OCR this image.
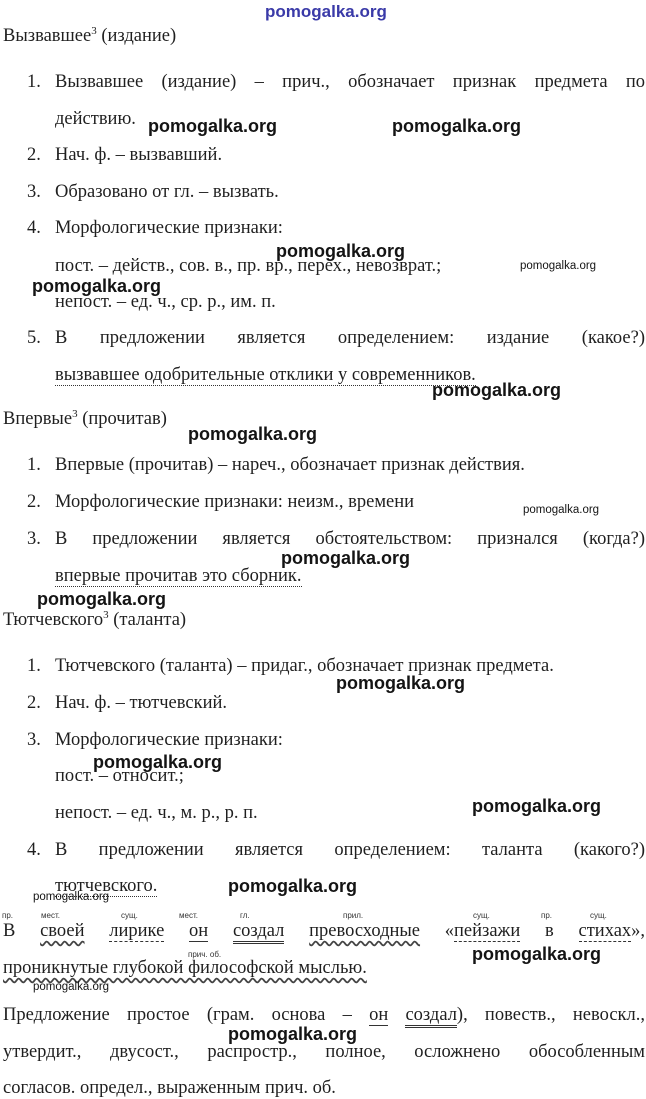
pomogalka.org
Вызвавшее$^3$ (издание)
1. Вызвавшее (издание) – прич., обозначает признак предмета по
действию.
2. Нач. ф. – вызвавший.
3. Образовано от гл. – вызвать.
4. Морфологические признаки:
пост. – действ., сов. в., пр. вр., перех., невозврат.;
непост. – ед. ч., ср. р., им. п.
5. В предложении является определением: издание (какое?)
вызвавшее одобрительные отклики у современников.
Впервые$^3$ (прочитав)
1. Впервые (прочитав) – нареч., обозначает признак действия.
2. Морфологические признаки: неизм., времени
3. В предложении является обстоятельством: признался (когда?)
впервые прочитав это сборник.
Тютчевского$^3$ (таланта)
1. Тютчевского (таланта) – придаг., обозначает признак предмета.
2. Нач. ф. – тютчевский.
3. Морфологические признаки:
пост. – относит.;
непост. – ед. ч., м. р., р. п.
4. В предложении является определением: таланта (какого?)
тютчевского.
пр.	мест.	сущ.	мест.	гл.	прил.	сущ.	пр.	сущ.
В своей лирике он создал превосходные «пейзажи в стихах»,
прич. об.
проникнутые глубокой философской мыслью.
Предложение простое (грам. основа – он создал), повеств., невоскл.,
утвердит., двусост., распростр., полное, осложнено обособленным
согласов. определ., выраженным прич. об.
pomogalka.org	pomogalka.org
pomogalka.org
pomogalka.org
pomogalka.org
pomogalka.org
pomogalka.org
pomogalka.org
pomogalka.org
pomogalka.org
pomogalka.org
pomogalka.org
pomogalka.org
pomogalka.org
pomogalka.org
pomogalka.org
pomogalka.org
pomogalka.org
